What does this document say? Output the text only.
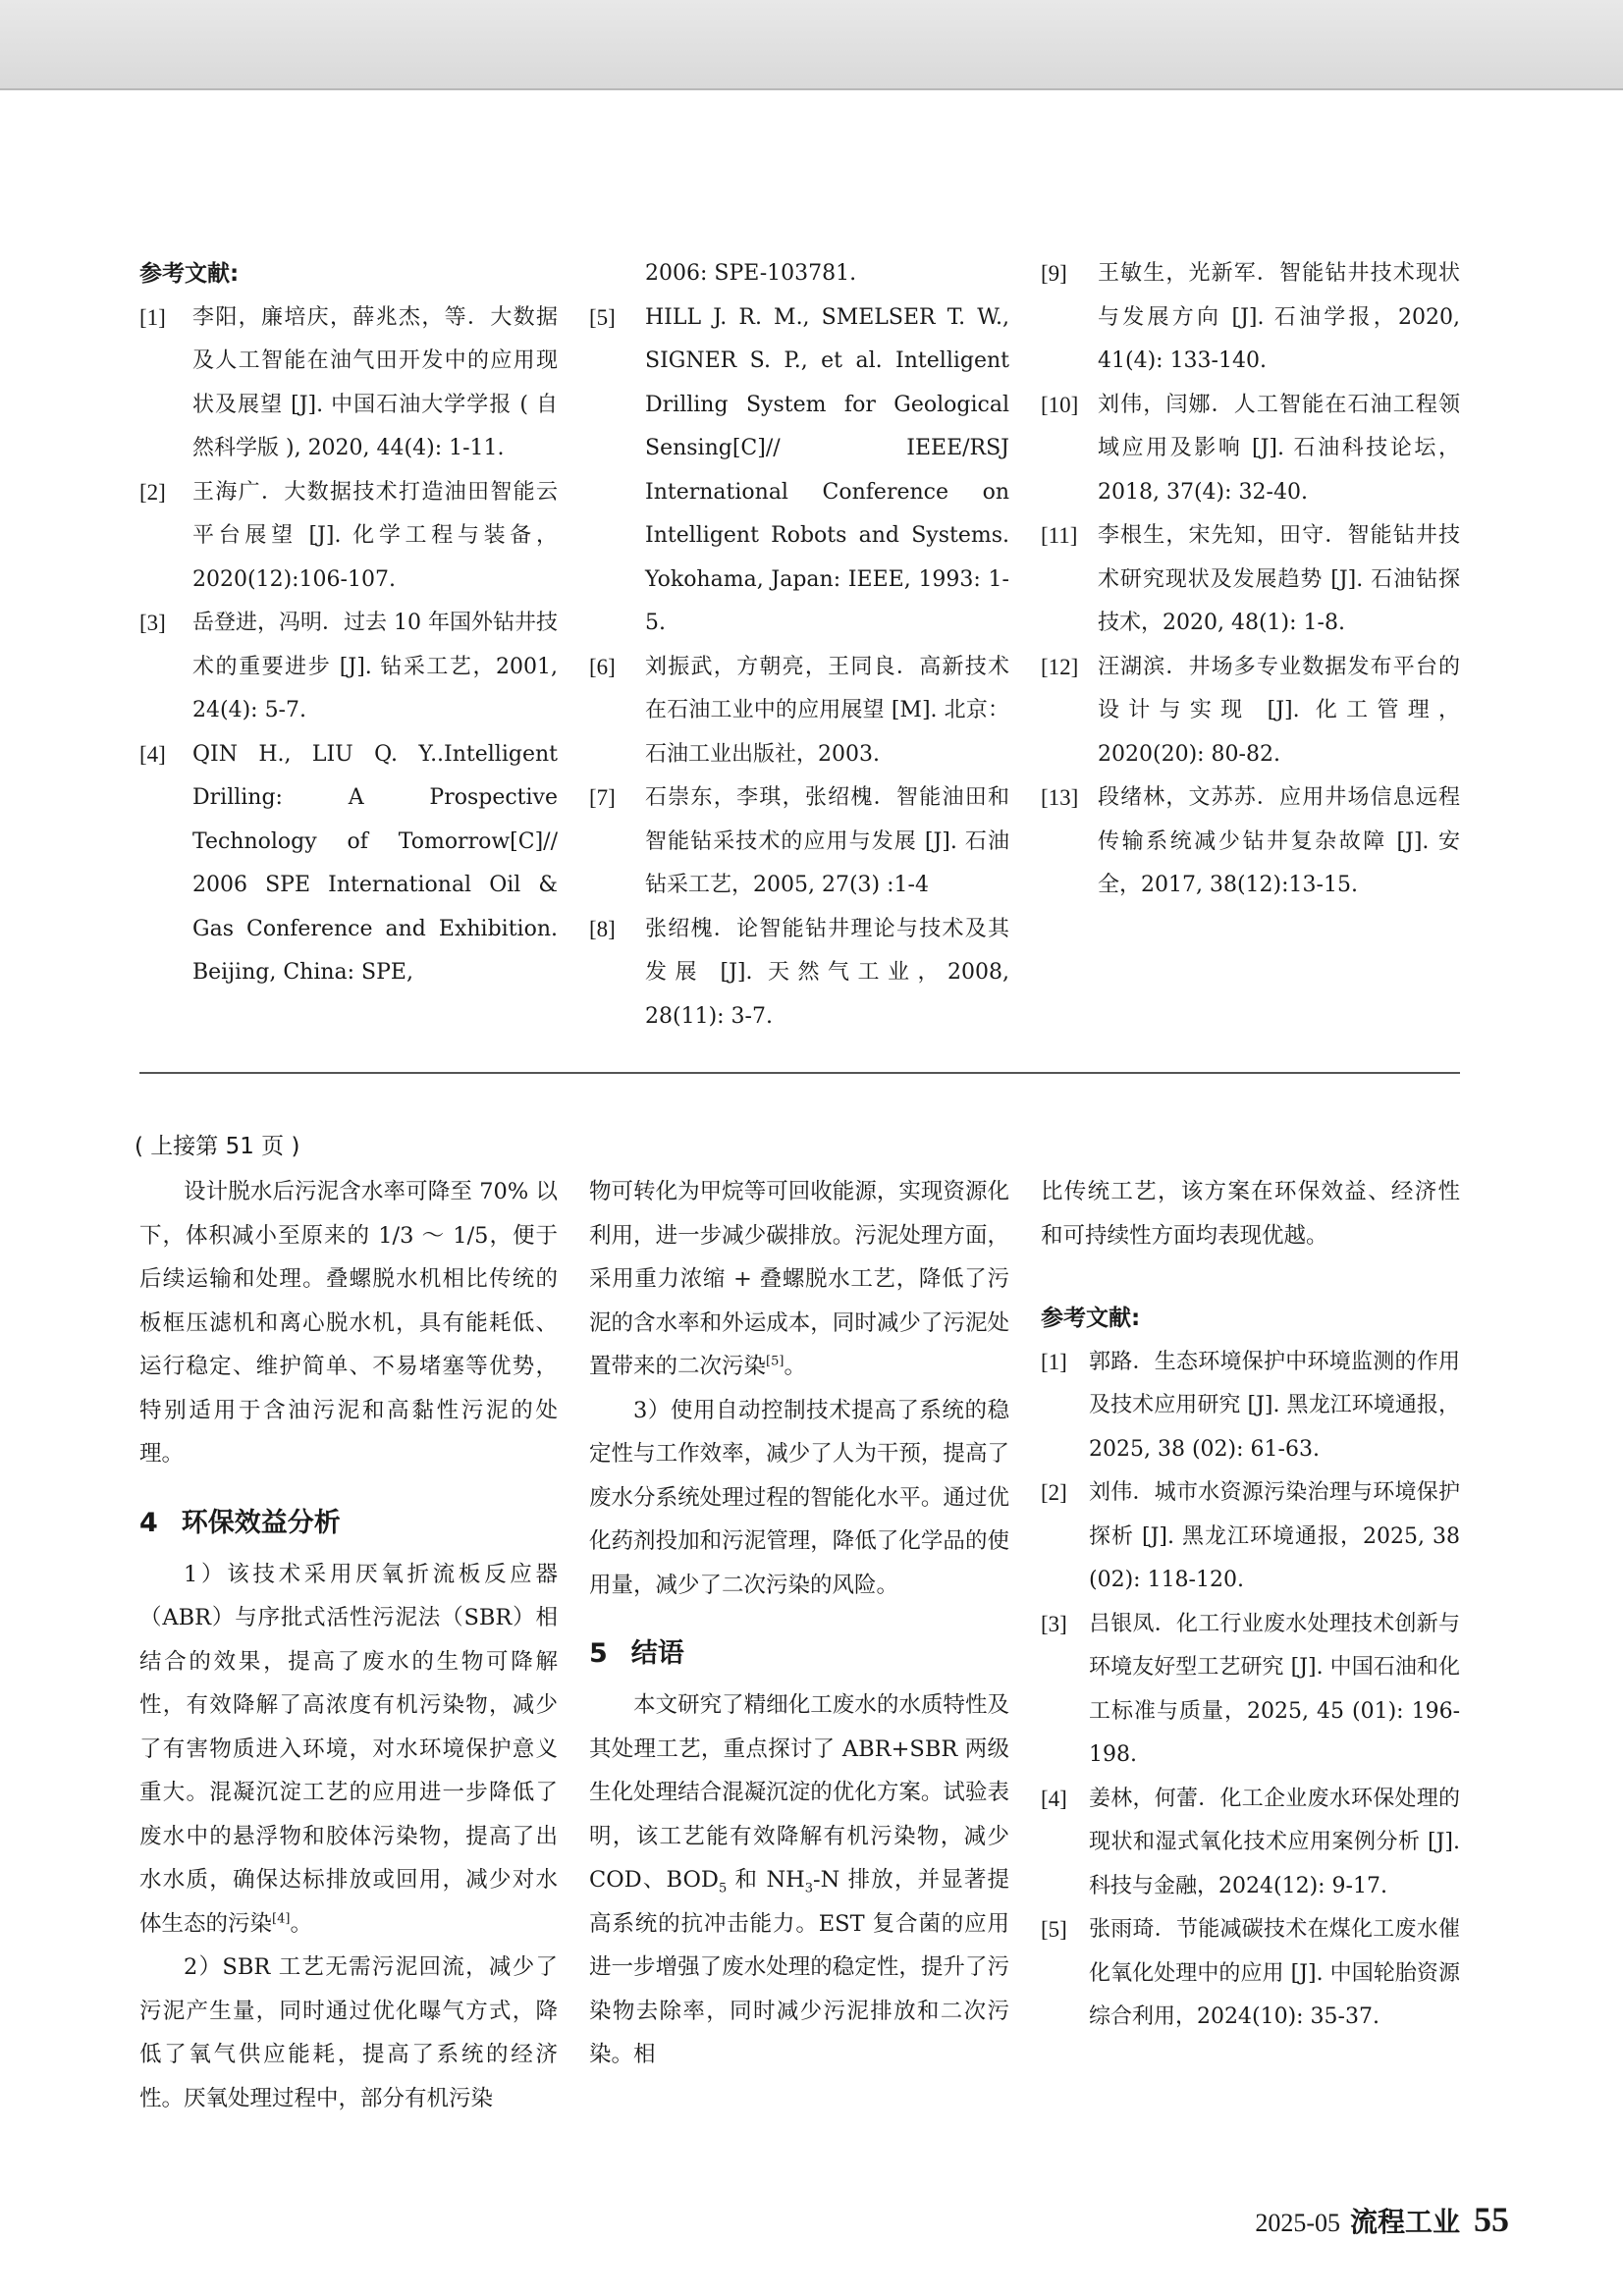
参考文献:
[1]	李阳，廉培庆，薛兆杰，等．大数据及人工智能在油气田开发中的应用现状及展望 [J]. 中国石油大学学报 ( 自然科学版 ), 2020, 44(4): 1-11.
[2]	王海广．大数据技术打造油田智能云平台展望 [J]. 化学工程与装备，2020(12):106-107.
[3]	岳登进，冯明．过去 10 年国外钻井技术的重要进步 [J]. 钻采工艺，2001, 24(4): 5-7.
[4]	QIN H., LIU Q. Y..Intelligent Drilling: A Prospective Technology of Tomorrow[C]// 2006 SPE International Oil & Gas Conference and Exhibition. Beijing, China: SPE,
2006: SPE-103781.
[5]	HILL J. R. M., SMELSER T. W., SIGNER S. P., et al. Intelligent Drilling System for Geological Sensing[C]// IEEE/RSJ International Conference on Intelligent Robots and Systems. Yokohama, Japan: IEEE, 1993: 1-5.
[6]	刘振武，方朝亮，王同良．高新技术在石油工业中的应用展望 [M]. 北京：石油工业出版社，2003.
[7]	石崇东，李琪，张绍槐．智能油田和智能钻采技术的应用与发展 [J]. 石油钻采工艺，2005, 27(3) :1-4
[8]	张绍槐．论智能钻井理论与技术及其发展 [J]. 天然气工业，2008, 28(11): 3-7.
[9]	王敏生，光新军．智能钻井技术现状与发展方向 [J]. 石油学报，2020, 41(4): 133-140.
[10] 刘伟，闫娜．人工智能在石油工程领域应用及影响 [J]. 石油科技论坛，2018, 37(4): 32-40.
[11] 李根生，宋先知，田守．智能钻井技术研究现状及发展趋势 [J]. 石油钻探技术，2020, 48(1): 1-8.
[12] 汪湖滨．井场多专业数据发布平台的设计与实现 [J]. 化工管理，2020(20): 80-82.
[13] 段绪林，文苏苏．应用井场信息远程传输系统减少钻井复杂故障 [J]. 安全，2017, 38(12):13-15.
( 上接第 51 页 )
设计脱水后污泥含水率可降至 70% 以下，体积减小至原来的 1/3 ～ 1/5，便于后续运输和处理。叠螺脱水机相比传统的板框压滤机和离心脱水机，具有能耗低、运行稳定、维护简单、不易堵塞等优势，特别适用于含油污泥和高黏性污泥的处理。
4 环保效益分析
1）该技术采用厌氧折流板反应器（ABR）与序批式活性污泥法（SBR）相结合的效果，提高了废水的生物可降解性，有效降解了高浓度有机污染物，减少了有害物质进入环境，对水环境保护意义重大。混凝沉淀工艺的应用进一步降低了废水中的悬浮物和胶体污染物，提高了出水水质，确保达标排放或回用，减少对水体生态的污染[4]。
2）SBR 工艺无需污泥回流，减少了污泥产生量，同时通过优化曝气方式，降低了氧气供应能耗，提高了系统的经济性。厌氧处理过程中，部分有机污染
物可转化为甲烷等可回收能源，实现资源化利用，进一步减少碳排放。污泥处理方面，采用重力浓缩 + 叠螺脱水工艺，降低了污泥的含水率和外运成本，同时减少了污泥处置带来的二次污染[5]。
3）使用自动控制技术提高了系统的稳定性与工作效率，减少了人为干预，提高了废水分系统处理过程的智能化水平。通过优化药剂投加和污泥管理，降低了化学品的使用量，减少了二次污染的风险。
5 结语
本文研究了精细化工废水的水质特性及其处理工艺，重点探讨了 ABR+SBR 两级生化处理结合混凝沉淀的优化方案。试验表明，该工艺能有效降解有机污染物，减少 COD、$BOD_5$ 和 $NH_3-N$ 排放，并显著提高系统的抗冲击能力。EST 复合菌的应用进一步增强了废水处理的稳定性，提升了污染物去除率，同时减少污泥排放和二次污染。相
比传统工艺，该方案在环保效益、经济性和可持续性方面均表现优越。
参考文献:
[1]	郭路．生态环境保护中环境监测的作用及技术应用研究 [J]. 黑龙江环境通报，2025, 38 (02): 61-63.
[2]	刘伟．城市水资源污染治理与环境保护探析 [J]. 黑龙江环境通报，2025, 38 (02): 118-120.
[3]	吕银凤．化工行业废水处理技术创新与环境友好型工艺研究 [J]. 中国石油和化工标准与质量，2025, 45 (01): 196-198.
[4]	姜林，何蕾．化工企业废水环保处理的现状和湿式氧化技术应用案例分析 [J]. 科技与金融，2024(12): 9-17.
[5]	张雨琦．节能减碳技术在煤化工废水催化氧化处理中的应用 [J]. 中国轮胎资源综合利用，2024(10): 35-37.
2025-05 流程工业 55
